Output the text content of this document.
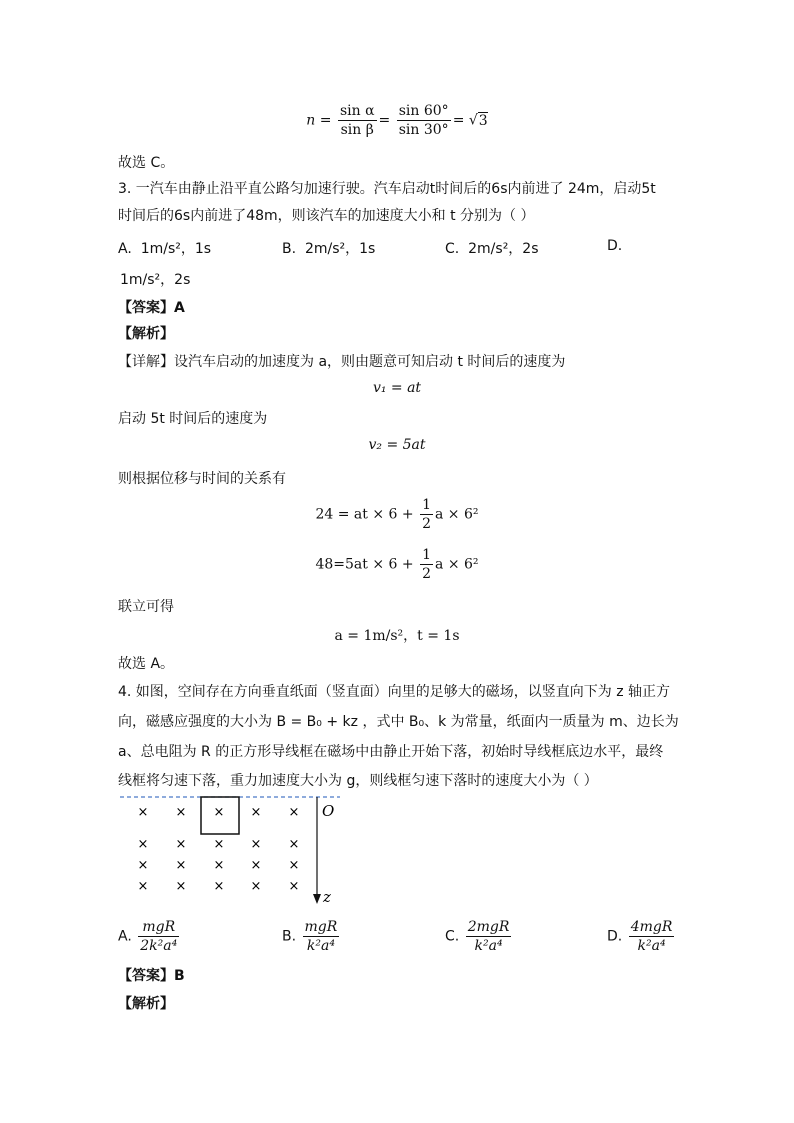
$n = \frac{\text{sin α}}{\text{sin β}} = \frac{\sin 60^\circ}{\sin 30^\circ} = √3$
故选 C。
3. 一汽车由静止沿平直公路匀加速行驶。汽车启动t时间后的6s内前进了 24m，启动5t
时间后的6s内前进了48m，则该汽车的加速度大小和 t 分别为（ ）
A. 1m/s²，1s	B. 2m/s²，1s	C. 2m/s²，2s	D.
1m/s²，2s
【答案】A
【解析】
【详解】设汽车启动的加速度为 a，则由题意可知启动 t 时间后的速度为
v₁ = at
启动 5t 时间后的速度为
v₂ = 5at
则根据位移与时间的关系有
24 = at × $6 + \frac{1}{2}$ a × 6²
$48=5at \times 6 + \frac{1}{2}$ a × 6²
联立可得
a = 1m/s²，t = 1s
故选 A。
4. 如图，空间存在方向垂直纸面（竖直面）向里的足够大的磁场，以竖直向下为 z 轴正方
向，磁感应强度的大小为 B = B₀ + kz ，式中 B₀、k 为常量，纸面内一质量为 m、边长为
a、总电阻为 R 的正方形导线框在磁场中由静止开始下落，初始时导线框底边水平，最终
线框将匀速下落，重力加速度大小为 g，则线框匀速下落时的速度大小为（ ）
O
z
× × × × ×
× × × × ×
× × × × ×
× × × × ×
A. $\frac{\text{mgR}}{\text{2k²a⁴}}$	B. $\frac{\text{mgR}}{\text{k²a⁴}}$	C. $\frac{\text{2mgR}}{\text{k²a⁴}}$	D. $\frac{\text{4mgR}}{\text{k²a⁴}}$
【答案】B
【解析】
